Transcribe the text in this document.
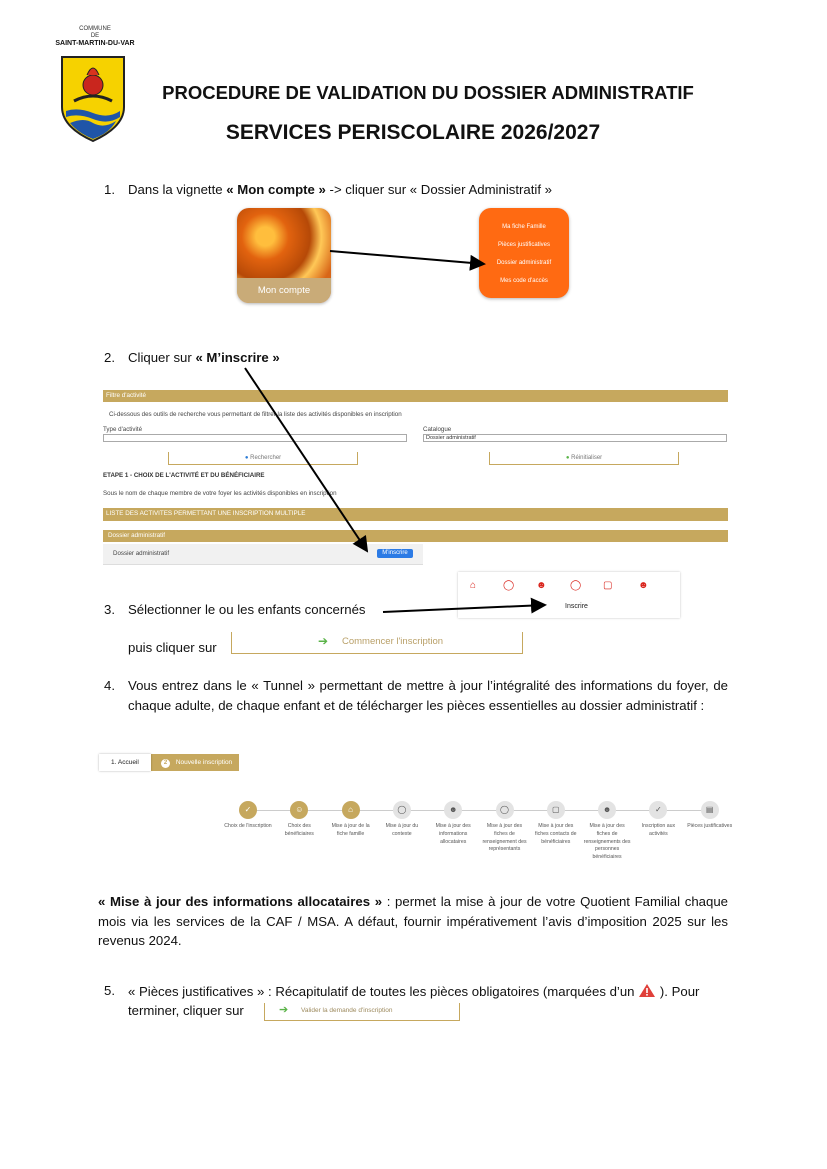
COMMUNE
DE
SAINT-MARTIN-DU-VAR
PROCEDURE DE VALIDATION DU DOSSIER ADMINISTRATIF
SERVICES PERISCOLAIRE 2026/2027
1. Dans la vignette « Mon compte » -> cliquer sur « Dossier Administratif »
Mon compte
Ma fiche Famille
Pièces justificatives
Dossier administratif
Mes code d'accès
2. Cliquer sur « M’inscrire »
Filtre d'activité
Ci-dessous des outils de recherche vous permettant de filtrer la liste des activités disponibles en inscription
Type d'activité	Catalogue
Dossier administratif
● Rechercher	● Réinitialiser
ETAPE 1 - CHOIX DE L'ACTIVITÉ ET DU BÉNÉFICIAIRE
Sous le nom de chaque membre de votre foyer les activités disponibles en inscription
LISTE DES ACTIVITES PERMETTANT UNE INSCRIPTION MULTIPLE
Dossier administratif
Dossier administratif	M'inscrire
⌂	◯ ☻ ◯ ▢	☻
Inscrire
3. Sélectionner le ou les enfants concernés
puis cliquer sur	➔ Commencer l'inscription
4. Vous entrez dans le « Tunnel » permettant de mettre à jour l’intégralité des informations du foyer, de chaque adulte, de chaque enfant et de télécharger les pièces essentielles au dossier administratif :
2 Nouvelle inscription
1. Accueil
✓
Choix de l'inscription
☺
Choix des bénéficiaires
⌂
Mise à jour de la fiche famille
◯
Mise à jour du contexte
☻
Mise à jour des informations allocataires
◯
Mise à jour des fiches de renseignement des représentants
▢
Mise à jour des fiches contacts de bénéficiaires
☻
Mise à jour des fiches de renseignements des personnes bénéficiaires
✓
Inscription aux activités
▤
Pièces justificatives
« Mise à jour des informations allocataires » : permet la mise à jour de votre Quotient Familial chaque mois via les services de la CAF / MSA. A défaut, fournir impérativement l’avis d’imposition 2025 sur les revenus 2024.
5. « Pièces justificatives » : Récapitulatif de toutes les pièces obligatoires (marquées d’un ). Pour
terminer, cliquer sur	➔ Valider la demande d'inscription
